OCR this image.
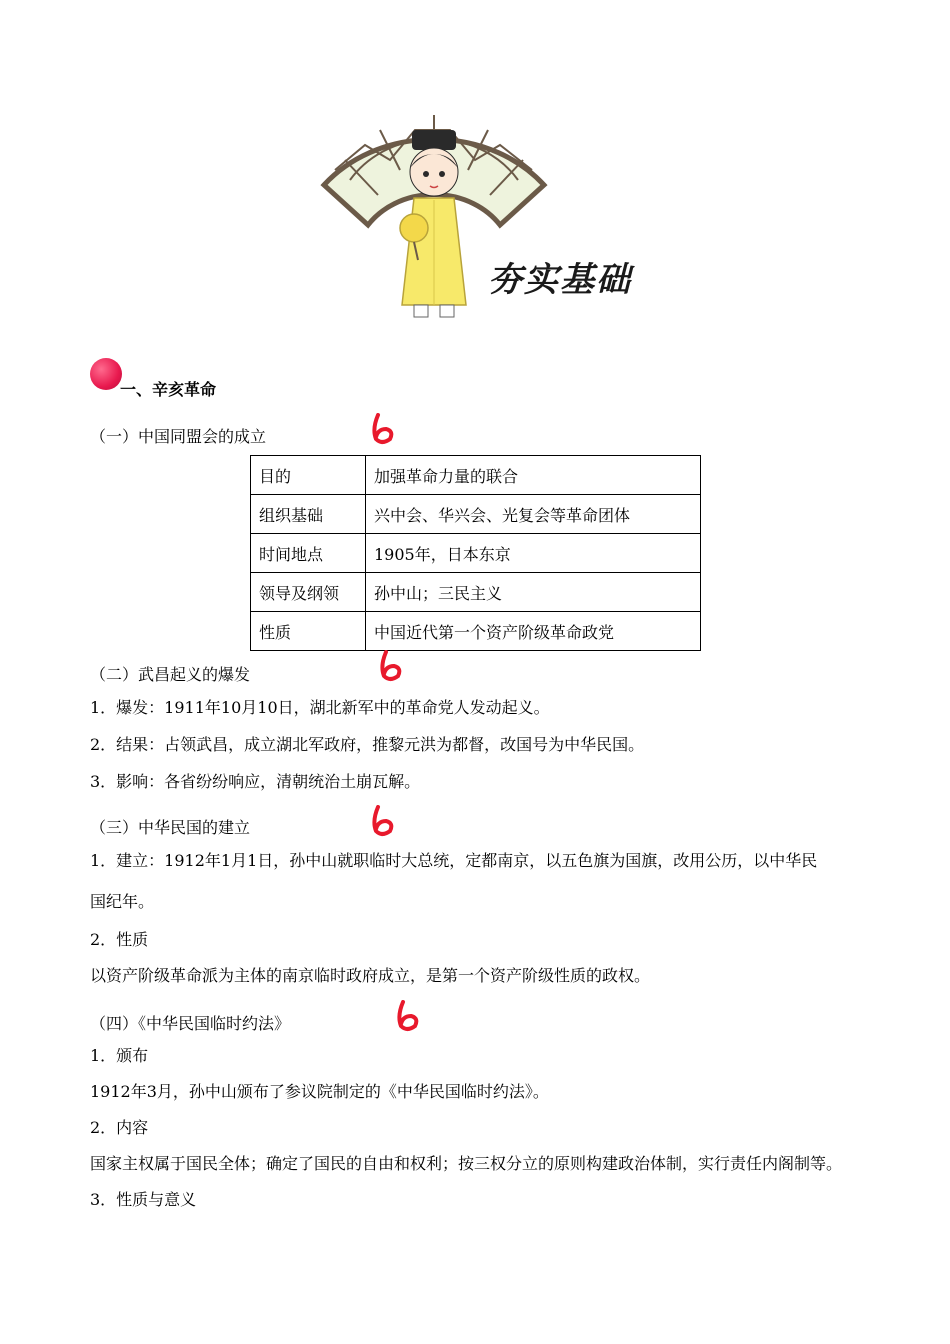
夯实基础
一、辛亥革命
（一）中国同盟会的成立
目的	加强革命力量的联合
组织基础	兴中会、华兴会、光复会等革命团体
时间地点	1905年，日本东京
领导及纲领	孙中山；三民主义
性质	中国近代第一个资产阶级革命政党
（二）武昌起义的爆发
1．爆发：1911年10月10日，湖北新军中的革命党人发动起义。
2．结果：占领武昌，成立湖北军政府，推黎元洪为都督，改国号为中华民国。
3．影响：各省纷纷响应，清朝统治土崩瓦解。
（三）中华民国的建立
1．建立：1912年1月1日，孙中山就职临时大总统，定都南京，以五色旗为国旗，改用公历，以中华民
国纪年。
2．性质
以资产阶级革命派为主体的南京临时政府成立，是第一个资产阶级性质的政权。
（四）《中华民国临时约法》
1．颁布
1912年3月，孙中山颁布了参议院制定的《中华民国临时约法》。
2．内容
国家主权属于国民全体；确定了国民的自由和权利；按三权分立的原则构建政治体制，实行责任内阁制等。
3．性质与意义
